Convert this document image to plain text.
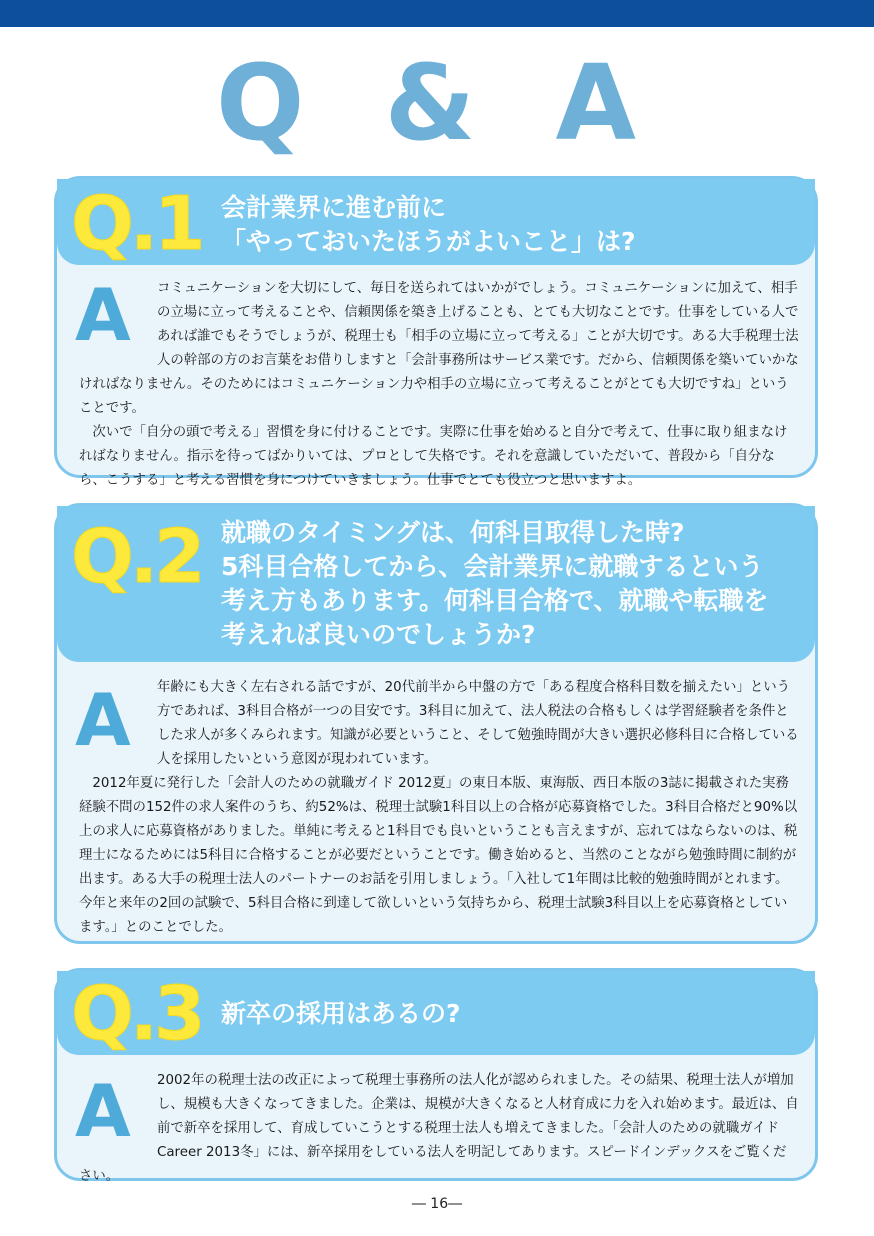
Q & A
Q.1 会計業界に進む前に
「やっておいたほうがよいこと」は?
A	コミュニケーションを大切にして、毎日を送られてはいかがでしょう。コミュニケーションに加えて、相手の立場に立って考えることや、信頼関係を築き上げることも、とても大切なことです。仕事をしている人であれば誰でもそうでしょうが、税理士も「相手の立場に立って考える」ことが大切です。ある大手税理士法人の幹部の方のお言葉をお借りしますと「会計事務所はサービス業です。だから、信頼関係を築いていかなければなりません。そのためにはコミュニケーション力や相手の立場に立って考えることがとても大切ですね」ということです。

次いで「自分の頭で考える」習慣を身に付けることです。実際に仕事を始めると自分で考えて、仕事に取り組まなければなりません。指示を待ってばかりいては、プロとして失格です。それを意識していただいて、普段から「自分なら、こうする」と考える習慣を身につけていきましょう。仕事でとても役立つと思いますよ。

Q.2 就職のタイミングは、何科目取得した時?
5科目合格してから、会計業界に就職するという
考え方もあります。何科目合格で、就職や転職を
考えれば良いのでしょうか?
A	年齢にも大きく左右される話ですが、20代前半から中盤の方で「ある程度合格科目数を揃えたい」という方であれば、3科目合格が一つの目安です。3科目に加えて、法人税法の合格もしくは学習経験者を条件とした求人が多くみられます。知識が必要ということ、そして勉強時間が大きい選択必修科目に合格している人を採用したいという意図が現われています。

2012年夏に発行した「会計人のための就職ガイド 2012夏」の東日本版、東海版、西日本版の3誌に掲載された実務経験不問の152件の求人案件のうち、約52%は、税理士試験1科目以上の合格が応募資格でした。3科目合格だと90%以上の求人に応募資格がありました。単純に考えると1科目でも良いということも言えますが、忘れてはならないのは、税理士になるためには5科目に合格することが必要だということです。働き始めると、当然のことながら勉強時間に制約が出ます。ある大手の税理士法人のパートナーのお話を引用しましょう。「入社して1年間は比較的勉強時間がとれます。今年と来年の2回の試験で、5科目合格に到達して欲しいという気持ちから、税理士試験3科目以上を応募資格としています。」とのことでした。

Q.3 新卒の採用はあるの?
A	2002年の税理士法の改正によって税理士事務所の法人化が認められました。その結果、税理士法人が増加し、規模も大きくなってきました。企業は、規模が大きくなると人材育成に力を入れ始めます。最近は、自前で新卒を採用して、育成していこうとする税理士法人も増えてきました。「会計人のための就職ガイド Career 2013冬」には、新卒採用をしている法人を明記してあります。スピードインデックスをご覧ください。

― 16―
